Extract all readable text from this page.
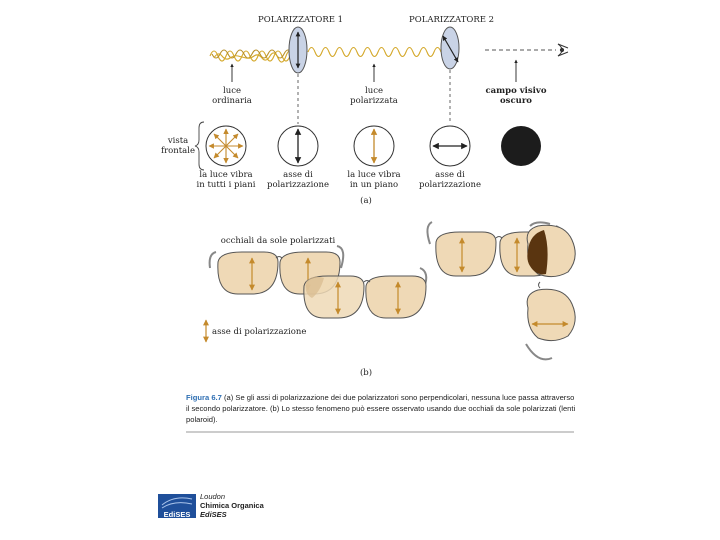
POLARIZZATORE 1	POLARIZZATORE 2
luce
ordinaria
luce
polarizzata
campo visivo
oscuro
vista
frontale
la luce vibra
in tutti i piani
asse di
polarizzazione
la luce vibra
in un piano
asse di
polarizzazione
(a)
occhiali da sole polarizzati
asse di polarizzazione
(b)
Figura 6.7 (a) Se gli assi di polarizzazione dei due polarizzatori sono perpendicolari, nessuna luce passa attraverso il secondo polarizzatore. (b) Lo stesso fenomeno può essere osservato usando due occhiali da sole polarizzati (lenti polaroid).
EdiSES
Loudon
Chimica Organica
EdiSES
